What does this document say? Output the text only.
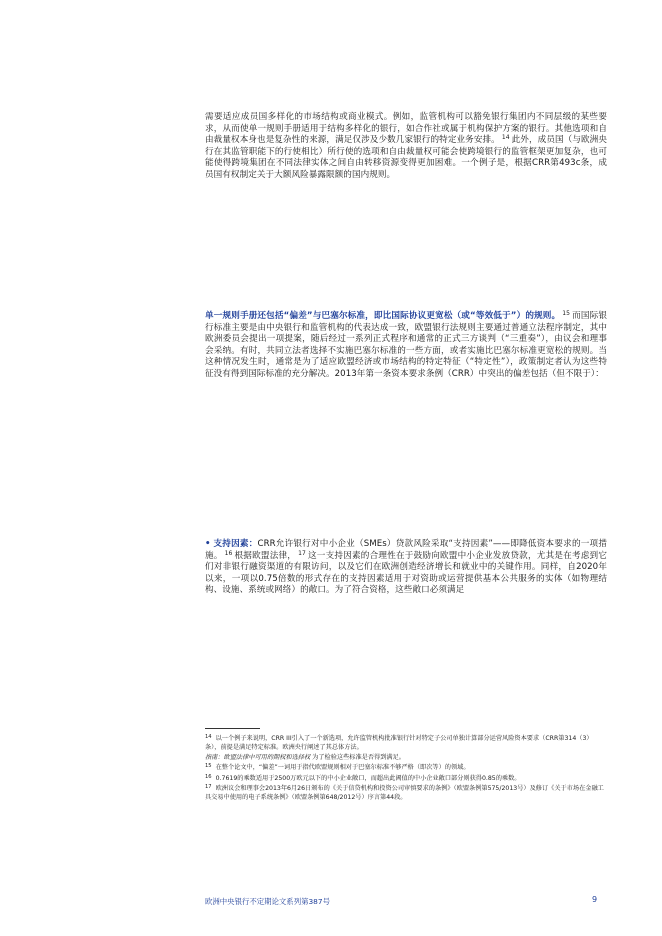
需要适应成员国多样化的市场结构或商业模式。例如，监管机构可以豁免银行集团内不同层级的某些要求，从而使单一规则手册适用于结构多样化的银行，如合作社或属于机构保护方案的银行。其他选项和自由裁量权本身也是复杂性的来源，满足仅涉及少数几家银行的特定业务安排。 $^{14}$ 此外，成员国（与欧洲央行在其监管职能下的行使相比）所行使的选项和自由裁量权可能会使跨境银行的监管框架更加复杂，也可能使得跨境集团在不同法律实体之间自由转移资源变得更加困难。一个例子是，根据CRR第493c条，成员国有权制定关于大额风险暴露限额的国内规则。

单一规则手册还包括“偏差”与巴塞尔标准，即比国际协议更宽松（或“等效低于”）的规则。 $^{15}$ 而国际银行标准主要是由中央银行和监管机构的代表达成一致，欧盟银行法规则主要通过普通立法程序制定，其中欧洲委员会提出一项提案，随后经过一系列正式程序和通常的正式三方谈判（“三重奏”），由议会和理事会采纳。有时，共同立法者选择不实施巴塞尔标准的一些方面，或者实施比巴塞尔标准更宽松的规则。当这种情况发生时，通常是为了适应欧盟经济或市场结构的特定特征（“特定性”），政策制定者认为这些特征没有得到国际标准的充分解决。2013年第一条资本要求条例（CRR）中突出的偏差包括（但不限于）：

• 支持因素：CRR允许银行对中小企业（SMEs）贷款风险采取“支持因素”——即降低资本要求的一项措施。 $^{16}$ 根据欧盟法律， $^{17}$ 这一支持因素的合理性在于鼓励向欧盟中小企业发放贷款，尤其是在考虑到它们对非银行融资渠道的有限访问，以及它们在欧洲创造经济增长和就业中的关键作用。同样，自2020年以来，一项以0.75倍数的形式存在的支持因素适用于对资助或运营提供基本公共服务的实体（如物理结构、设施、系统或网络）的敞口。为了符合资格，这些敞口必须满足

$^{14}$ 以一个例子来说明，CRR III引入了一个新选项，允许监管机构批准银行针对特定子公司单独计算部分运营风险资本要求（CRR第314（3）条），前提是满足特定标准。欧洲央行阐述了其总体方法。

指南：欧盟法律中可用的期权和选择权 为了检验这些标准是否得到满足。

$^{15}$ 在整个论文中，“偏差”一词用于指代欧盟规则相对于巴塞尔标准不够严格（即次等）的领域。

$^{16}$ 0.7619的乘数适用于2500万欧元以下的中小企业敞口，而超出此阈值的中小企业敞口部分则获得0.85的乘数。

$^{17}$ 欧洲议会和理事会2013年6月26日颁布的《关于信贷机构和投资公司审慎要求的条例》（欧盟条例第575/2013号）及修订《关于市场在金融工具交易中使用的电子系统条例》（欧盟条例第648/2012号）序言第44段。

欧洲中央银行不定期论文系列第387号	9
